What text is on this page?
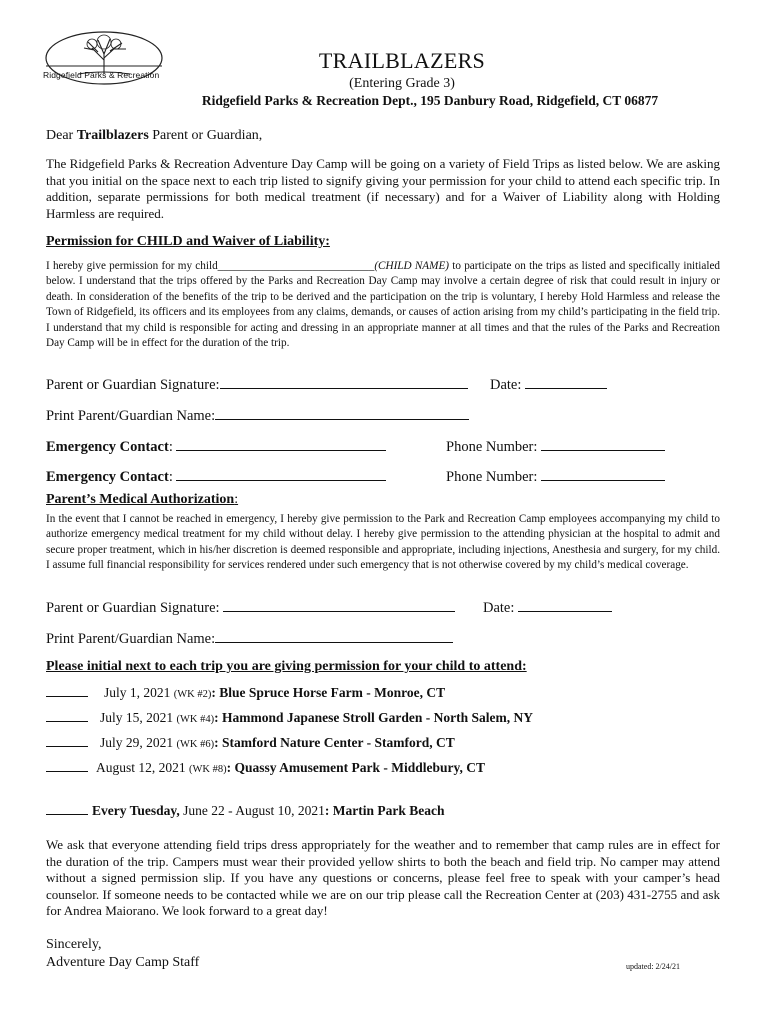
Ridgefield Parks & Recreation
TRAILBLAZERS
(Entering Grade 3)
Ridgefield Parks & Recreation Dept., 195 Danbury Road, Ridgefield, CT 06877
Dear Trailblazers Parent or Guardian,
The Ridgefield Parks & Recreation Adventure Day Camp will be going on a variety of Field Trips as listed below. We are asking that you initial on the space next to each trip listed to signify giving your permission for your child to attend each specific trip. In addition, separate permissions for both medical treatment (if necessary) and for a Waiver of Liability along with Holding Harmless are required.
Permission for CHILD and Waiver of Liability:
I hereby give permission for my child____________________________(CHILD NAME) to participate on the trips as listed and specifically initialed below. I understand that the trips offered by the Parks and Recreation Day Camp may involve a certain degree of risk that could result in injury or death. In consideration of the benefits of the trip to be derived and the participation on the trip is voluntary, I hereby Hold Harmless and release the Town of Ridgefield, its officers and its employees from any claims, demands, or causes of action arising from my child’s participating in the field trip. I understand that my child is responsible for acting and dressing in an appropriate manner at all times and that the rules of the Parks and Recreation Day Camp will be in effect for the duration of the trip.
Parent or Guardian Signature:	Date:
Print Parent/Guardian Name:
Emergency Contact:	Phone Number:
Emergency Contact:	Phone Number:
Parent’s Medical Authorization:
In the event that I cannot be reached in emergency, I hereby give permission to the Park and Recreation Camp employees accompanying my child to authorize emergency medical treatment for my child without delay. I hereby give permission to the attending physician at the hospital to admit and secure proper treatment, which in his/her discretion is deemed responsible and appropriate, including injections, Anesthesia and surgery, for my child. I assume full financial responsibility for services rendered under such emergency that is not otherwise covered by my child’s medical coverage.
Parent or Guardian Signature:	Date:
Print Parent/Guardian Name:
Please initial next to each trip you are giving permission for your child to attend:
July 1, 2021 (WK #2): Blue Spruce Horse Farm - Monroe, CT
July 15, 2021 (WK #4): Hammond Japanese Stroll Garden - North Salem, NY
July 29, 2021 (WK #6): Stamford Nature Center - Stamford, CT
August 12, 2021 (WK #8): Quassy Amusement Park - Middlebury, CT
Every Tuesday, June 22 - August 10, 2021: Martin Park Beach
We ask that everyone attending field trips dress appropriately for the weather and to remember that camp rules are in effect for the duration of the trip. Campers must wear their provided yellow shirts to both the beach and field trip. No camper may attend without a signed permission slip. If you have any questions or concerns, please feel free to speak with your camper’s head counselor. If someone needs to be contacted while we are on our trip please call the Recreation Center at (203) 431-2755 and ask for Andrea Maiorano. We look forward to a great day!
Sincerely,
Adventure Day Camp Staff	updated: 2/24/21
